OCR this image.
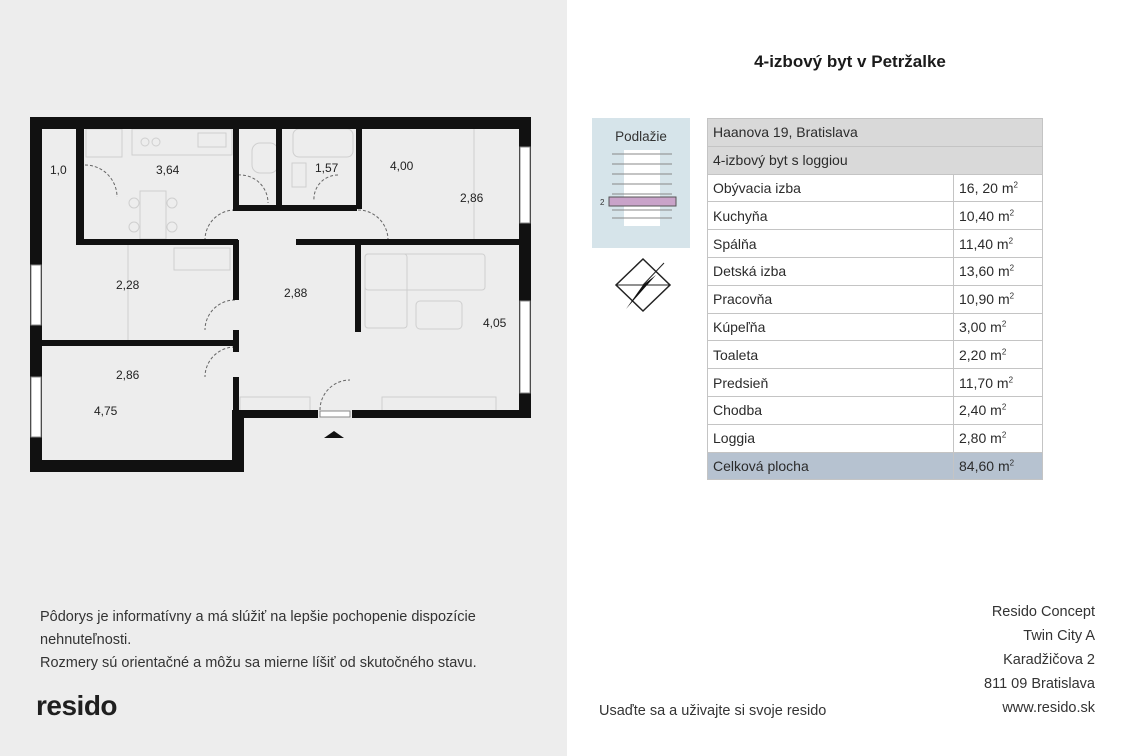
1,0	3,64	1,57	4,00
2,86
2,28
2,88
4,05
2,86
4,75
Pôdorys je informatívny a má slúžiť na lepšie pochopenie dispozície
nehnuteľnosti.
Rozmery sú orientačné a môžu sa mierne líšiť od skutočného stavu.
resido
4-izbový byt v Petržalke
Podlažie
2
Haanova 19, Bratislava	
4-izbový byt s loggiou	
Obývacia izba	16, 20 $m^2$
Kuchyňa	10,40 $m^2$
Spálňa	11,40 $m^2$
Detská izba	13,60 $m^2$
Pracovňa	10,90 $m^2$
Kúpeľňa	3,00 $m^2$
Toaleta	2,20 $m^2$
Predsieň	11,70 $m^2$
Chodba	2,40 $m^2$
Loggia	2,80 $m^2$
Celková plocha	84,60 $m^2$
Usaďte sa a uživajte si svoje resido
Resido Concept
Twin City A
Karadžičova 2
811 09 Bratislava
www.resido.sk
